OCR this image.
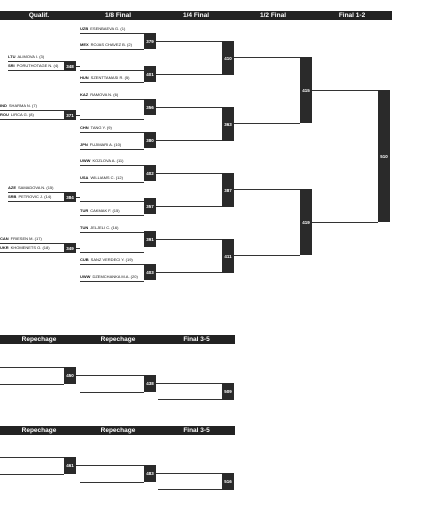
Qualif.	1/8 Final	1/4 Final	1/2 Final	Final 1-2
LTU ALIMOVA I. (3)
SRI PORUTHOTAGE N. (4)
IND SHARMA N. (7)
ROU LIRCA G. (8)
AZE SAMADOVA N. (15)
SRB PETROVIC J. (14)
CAN FRIESEN M. (17)
UKR KHOMENETS O. (18)
348
371
384
349
UZB ESENBAEVA G. (1)
MEX ROJAS CHAVEZ B. (2)
HUN SZENTTAMASI R. (5)
KAZ RAMOVA N. (6)
CHN TANG Y. (9)
JPN FUJIMARI A. (10)
UWW KOZLOVA A. (11)
USA WILLIAMS C. (12)
TUR CAKMAK F. (15)
TUN JELJELI C. (16)
CUB SANZ VERDECI Y. (19)
UWW DZEMCHANKA M.A. (20)
379
401
356
380
402
357
391
403
410
363
387
411
415
419
510
Repechage	Repechage	Final 3-5
450
438
509
Repechage	Repechage	Final 3-5
461
483
516
